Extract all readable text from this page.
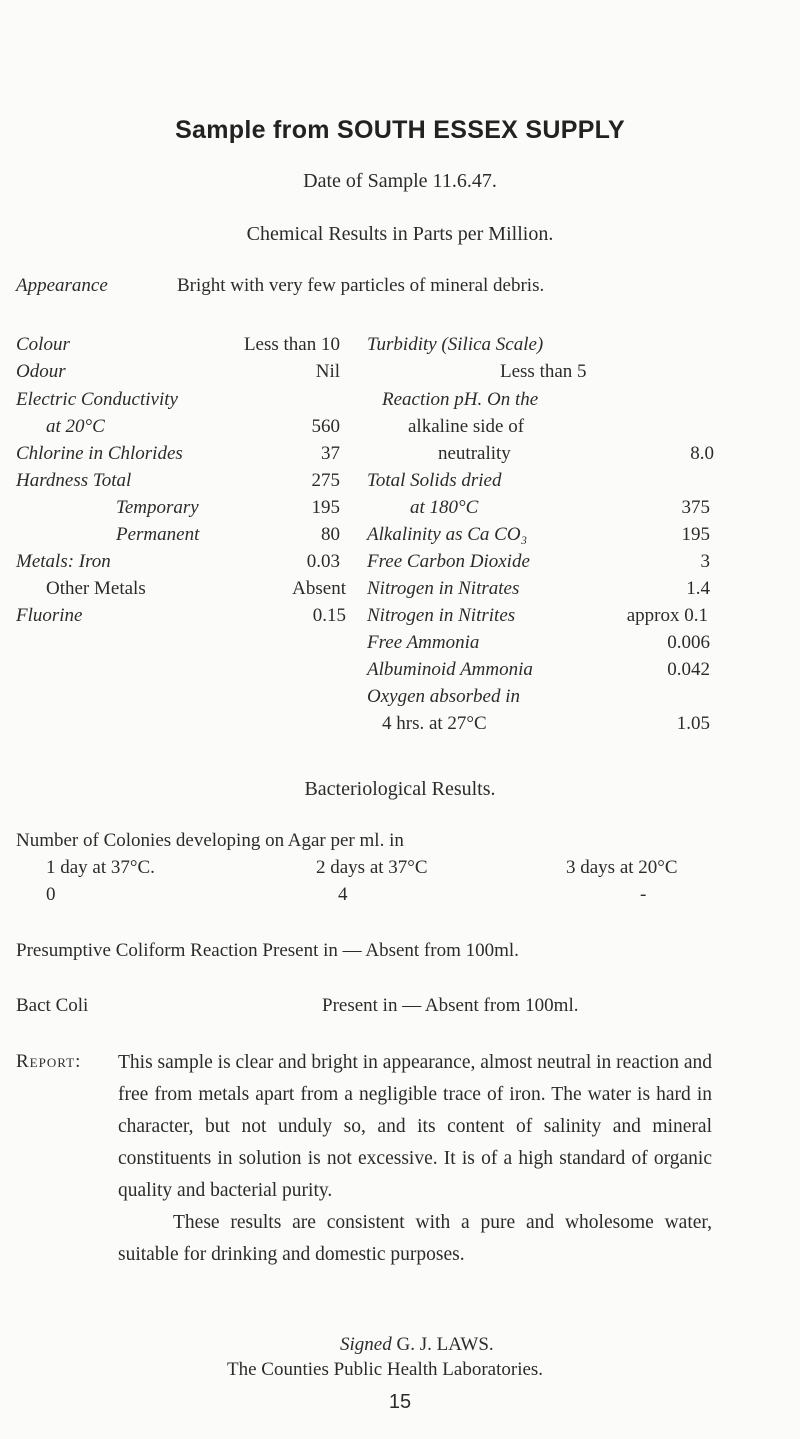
Sample from SOUTH ESSEX SUPPLY
Date of Sample 11.6.47.
Chemical Results in Parts per Million.
Appearance	Bright with very few particles of mineral debris.
Colour	Less than 10
Odour	Nil
Electric Conductivity
at 20°C	560
Chlorine in Chlorides	37
Hardness Total	275
Temporary	195
Permanent	80
Metals: Iron	0.03
Other Metals	Absent
Fluorine	0.15
Turbidity (Silica Scale)
Less than 5
Reaction pH. On the
alkaline side of
neutrality	8.0
Total Solids dried
at 180°C	375
Alkalinity as Ca CO₃	195
Free Carbon Dioxide	3
Nitrogen in Nitrates	1.4
Nitrogen in Nitrites	approx 0.1
Free Ammonia	0.006
Albuminoid Ammonia	0.042
Oxygen absorbed in
4 hrs. at 27°C	1.05
Bacteriological Results.
Number of Colonies developing on Agar per ml. in
1 day at 37°C.	2 days at 37°C	3 days at 20°C
0	4	-
Presumptive Coliform Reaction Present in — Absent from 100ml.
Bact Coli	Present in — Absent from 100ml.
Report: This sample is clear and bright in appearance, almost neutral in reaction and free from metals apart from a negligible trace of iron. The water is hard in character, but not unduly so, and its content of salinity and mineral constituents in solution is not excessive. It is of a high standard of organic quality and bacterial purity.

These results are consistent with a pure and wholesome water, suitable for drinking and domestic purposes.

Signed G. J. LAWS.
The Counties Public Health Laboratories.
15
